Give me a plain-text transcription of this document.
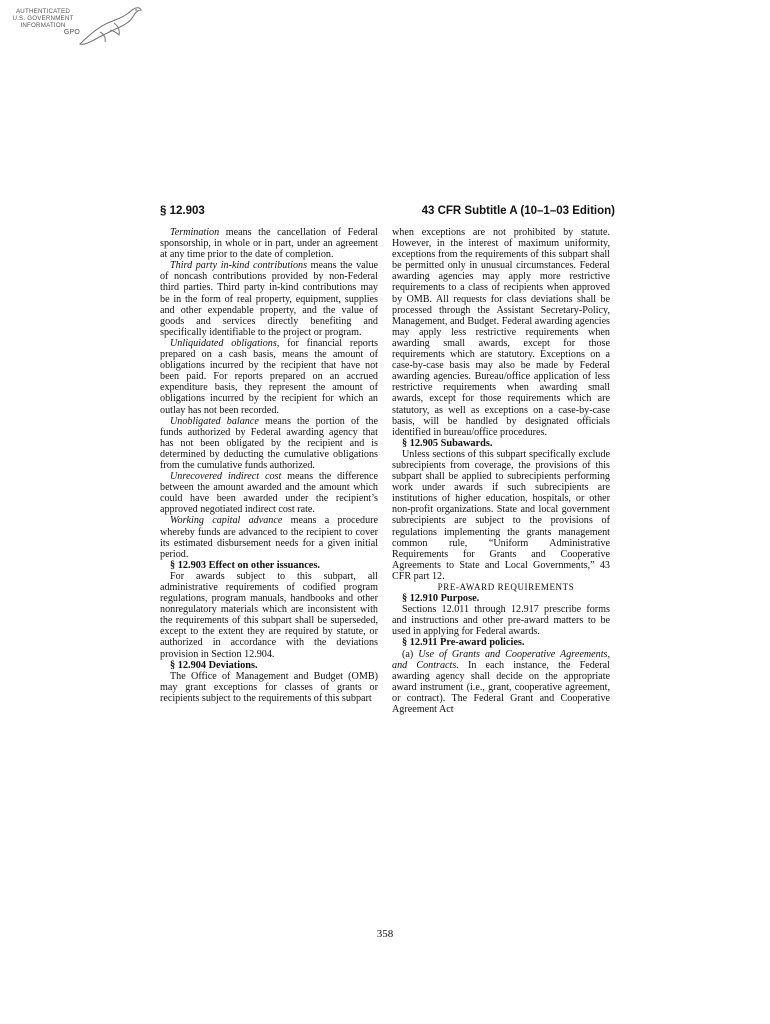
AUTHENTICATED
U.S. GOVERNMENT
INFORMATION
GPO
§ 12.903	43 CFR Subtitle A (10–1–03 Edition)

Termination means the cancellation of Federal sponsorship, in whole or in part, under an agreement at any time prior to the date of completion.

Third party in-kind contributions means the value of noncash contributions provided by non-Federal third parties. Third party in-kind contributions may be in the form of real property, equipment, supplies and other expendable property, and the value of goods and services directly benefiting and specifically identifiable to the project or program.

Unliquidated obligations, for financial reports prepared on a cash basis, means the amount of obligations incurred by the recipient that have not been paid. For reports prepared on an accrued expenditure basis, they represent the amount of obligations incurred by the recipient for which an outlay has not been recorded.

Unobligated balance means the portion of the funds authorized by Federal awarding agency that has not been obligated by the recipient and is determined by deducting the cumulative obligations from the cumulative funds authorized.

Unrecovered indirect cost means the difference between the amount awarded and the amount which could have been awarded under the recipient’s approved negotiated indirect cost rate.

Working capital advance means a procedure whereby funds are advanced to the recipient to cover its estimated disbursement needs for a given initial period.

§ 12.903 Effect on other issuances.

For awards subject to this subpart, all administrative requirements of codified program regulations, program manuals, handbooks and other nonregulatory materials which are inconsistent with the requirements of this subpart shall be superseded, except to the extent they are required by statute, or authorized in accordance with the deviations provision in Section 12.904.

§ 12.904 Deviations.

The Office of Management and Budget (OMB) may grant exceptions for classes of grants or recipients subject to the requirements of this subpart

when exceptions are not prohibited by statute. However, in the interest of maximum uniformity, exceptions from the requirements of this subpart shall be permitted only in unusual circumstances. Federal awarding agencies may apply more restrictive requirements to a class of recipients when approved by OMB. All requests for class deviations shall be processed through the Assistant Secretary-Policy, Management, and Budget. Federal awarding agencies may apply less restrictive requirements when awarding small awards, except for those requirements which are statutory. Exceptions on a case-by-case basis may also be made by Federal awarding agencies. Bureau/office application of less restrictive requirements when awarding small awards, except for those requirements which are statutory, as well as exceptions on a case-by-case basis, will be handled by designated officials identified in bureau/office procedures.

§ 12.905 Subawards.

Unless sections of this subpart specifically exclude subrecipients from coverage, the provisions of this subpart shall be applied to subrecipients performing work under awards if such subrecipients are institutions of higher education, hospitals, or other non-profit organizations. State and local government subrecipients are subject to the provisions of regulations implementing the grants management common rule, “Uniform Administrative Requirements for Grants and Cooperative Agreements to State and Local Governments,” 43 CFR part 12.

PRE-AWARD REQUIREMENTS

§ 12.910 Purpose.

Sections 12.011 through 12.917 prescribe forms and instructions and other pre-award matters to be used in applying for Federal awards.

§ 12.911 Pre-award policies.

(a) Use of Grants and Cooperative Agreements, and Contracts. In each instance, the Federal awarding agency shall decide on the appropriate award instrument (i.e., grant, cooperative agreement, or contract). The Federal Grant and Cooperative Agreement Act

358
